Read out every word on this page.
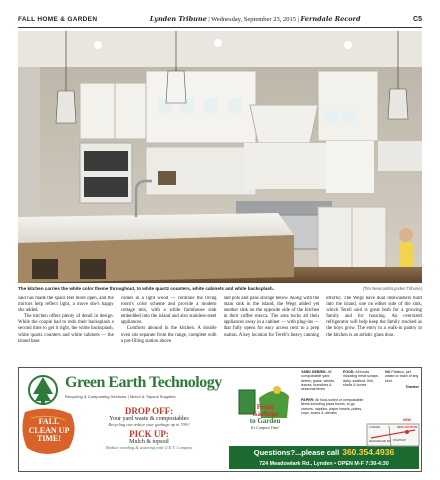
FALL HOME & GARDEN	Lynden Tribune | Wednesday, September 23, 2015 | Ferndale Record	C5
The kitchen carries the white color theme throughout, to white quartz counters, white cabinets and white backsplash.	(Tim Newcomb/Lynden Tribune)

said has made the space feel more open, and the mirrors help reflect light, a move she's happy she added.

The kitchen offers plenty of detail in design. While the couple had to redo their backsplash a second time to get it right, the white backsplash, white quartz counters and white cabinets — the island base

comes in a light wood — continue the living room's color scheme and provide a modern cottage mix, with a white farmhouse sink embedded into the island and also stainless-steel appliances.

Comforts abound in the kitchen. A double oven sits separate from the range, complete with a pot-filling station above

and pots and pans storage below. Along with the main sink in the island, the Wegs added yet another sink on the opposite side of the kitchen in their coffee mecca. The area tucks all their appliances away in a cabinet — with plug-ins — that fully opens for easy access next to a prep station. A key location for Terell's heavy canning

efforts). The Wegs have dual dishwashers built into the island, one on either side of the sink, which Terell said is great both for a growing family and for housing. An oversized refrigerator will help keep the family stocked as the boys grow. The entry to a walk-in pantry in the kitchen is an artistic glass door.

Green Earth Technology
Recycling & Composting Services | Mulch & Topsoil Supplies
FALL
CLEAN UP
TIME!
DROP OFF:
Your yard waste & compostables
Recycling can reduce your garbage up to 70%!
PICK UP:
Mulch & topsoil
Reduce weeding & watering with G.E.T. Compost
From
Garbage
to Garden
It's Compost Time!
YARD DEBRIS: All compostable yard debris; grass, weeds, leaves, branches & seasonal items
FOOD: All foods including meat scraps, dairy, seafood, fish, shells & bones
NO Plastics, pet waste or trash of any kind.
Thanks!
PAPER: All food-soiled or compostable items including pizza boxes, to-go cartons, napkins, paper towels, plates, cups, boxes & utensils
NEW
LYNDEN
FISHTRAP
MEADOWLARK RD
NEW LOCATION
Questions?...please call 360.354.4936
724 Meadowlark Rd., Lynden • OPEN M-F 7:30-4:30
